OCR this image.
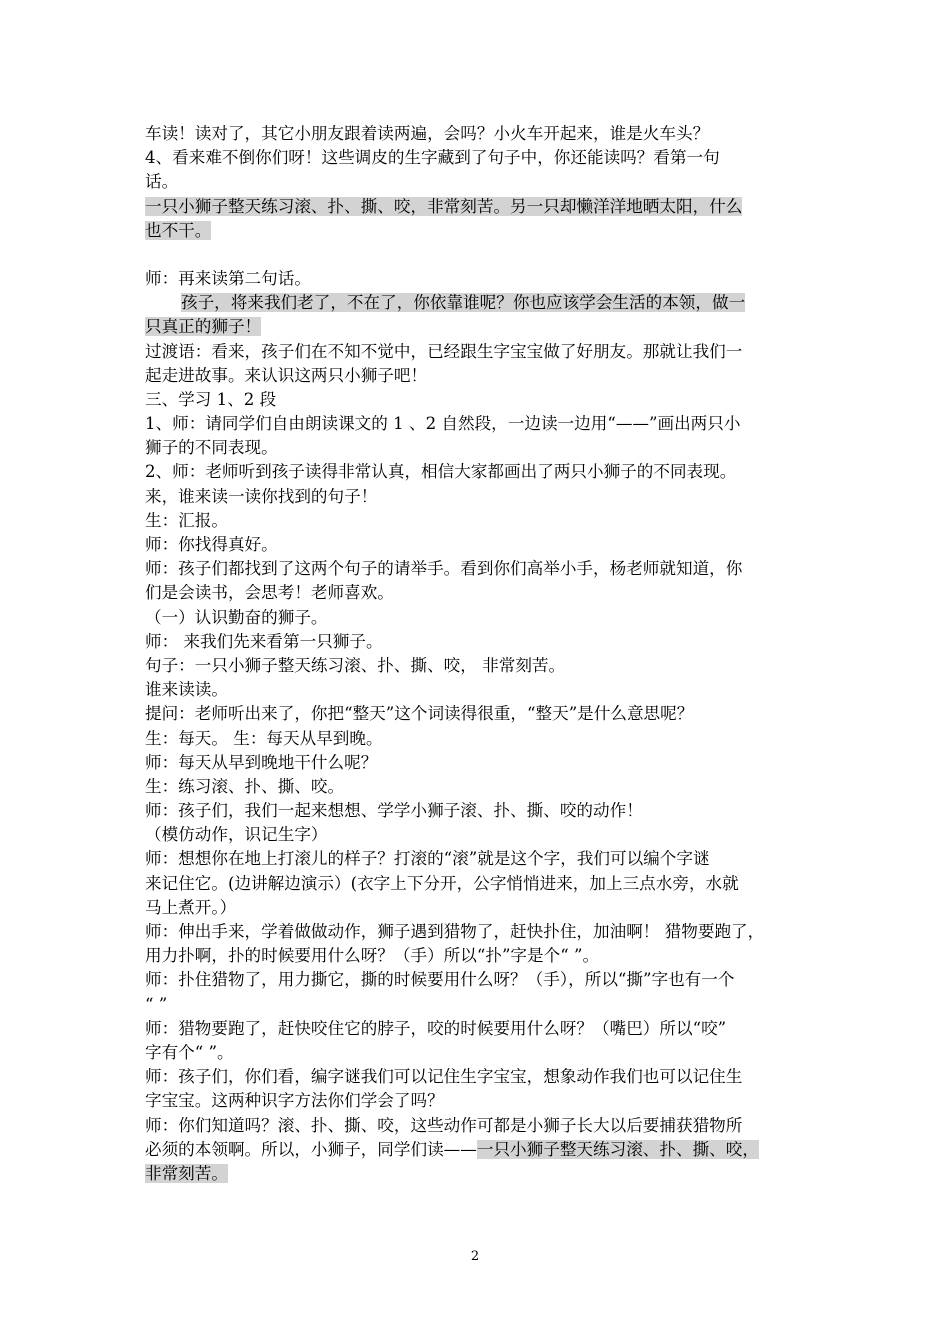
车读！读对了，其它小朋友跟着读两遍，会吗？小火车开起来，谁是火车头？

4、看来难不倒你们呀！这些调皮的生字藏到了句子中，你还能读吗？看第一句

话。

一只小狮子整天练习滚、扑、撕、咬，非常刻苦。另一只却懒洋洋地晒太阳，什么

也不干。

师：再来读第二句话。

孩子，将来我们老了，不在了，你依靠谁呢？你也应该学会生活的本领，做一

只真正的狮子！

过渡语：看来，孩子们在不知不觉中，已经跟生字宝宝做了好朋友。那就让我们一

起走进故事。来认识这两只小狮子吧！

三、学习 1、2 段

1、师：请同学们自由朗读课文的 1 、2 自然段，一边读一边用“——”画出两只小

狮子的不同表现。

2、师：老师听到孩子读得非常认真，相信大家都画出了两只小狮子的不同表现。

来，谁来读一读你找到的句子！

生：汇报。

师：你找得真好。

师：孩子们都找到了这两个句子的请举手。看到你们高举小手，杨老师就知道，你

们是会读书，会思考！老师喜欢。

（一）认识勤奋的狮子。

师： 来我们先来看第一只狮子。

句子：一只小狮子整天练习滚、扑、撕、咬， 非常刻苦。

谁来读读。

提问：老师听出来了，你把“整天”这个词读得很重，“整天”是什么意思呢？

生：每天。 生：每天从早到晚。

师：每天从早到晚地干什么呢？

生：练习滚、扑、撕、咬。

师：孩子们，我们一起来想想、学学小狮子滚、扑、撕、咬的动作！

（模仿动作，识记生字）

师：想想你在地上打滚儿的样子？打滚的“滚”就是这个字，我们可以编个字谜

来记住它。(边讲解边演示）(衣字上下分开，公字悄悄进来，加上三点水旁，水就

马上煮开。）

师：伸出手来，学着做做动作，狮子遇到猎物了，赶快扑住，加油啊！ 猎物要跑了，

用力扑啊，扑的时候要用什么呀？（手）所以“扑”字是个“ ”。

师：扑住猎物了，用力撕它，撕的时候要用什么呀？（手），所以“撕”字也有一个

“ ”

师：猎物要跑了，赶快咬住它的脖子，咬的时候要用什么呀？（嘴巴）所以“咬”

字有个“ ”。

师：孩子们，你们看，编字谜我们可以记住生字宝宝，想象动作我们也可以记住生

字宝宝。这两种识字方法你们学会了吗？

师：你们知道吗？滚、扑、撕、咬，这些动作可都是小狮子长大以后要捕获猎物所

必须的本领啊。所以，小狮子，同学们读——一只小狮子整天练习滚、扑、撕、咬，

非常刻苦。

2
